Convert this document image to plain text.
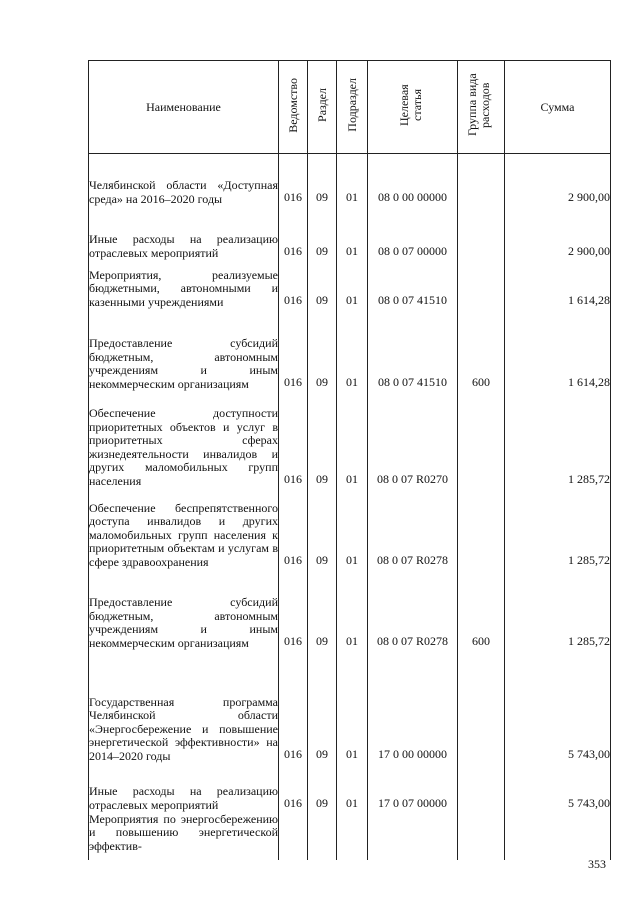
Наименование	Ведомство	Раздел	Подраздел	Целевая статья	Группа вида расходов	Сумма
Челябинской области «Доступная среда» на 2016–2020 годы	016	09	01	08 0 00 00000		2 900,00
Иные расходы на реализацию отраслевых мероприятий	016	09	01	08 0 07 00000		2 900,00
Мероприятия, реализуемые бюджетными, автономными и казенными учреждениями	016	09	01	08 0 07 41510		1 614,28
Предоставление субсидий бюджетным, автономным учреждениям и иным некоммерческим организациям	016	09	01	08 0 07 41510	600	1 614,28
Обеспечение доступности приоритетных объектов и услуг в приоритетных сферах жизнедеятельности инвалидов и других маломобильных групп населения	016	09	01	08 0 07 R0270		1 285,72
Обеспечение беспрепятственного доступа инвалидов и других маломобильных групп населения к приоритетным объектам и услугам в сфере здравоохранения	016	09	01	08 0 07 R0278		1 285,72
Предоставление субсидий бюджетным, автономным учреждениям и иным некоммерческим организациям	016	09	01	08 0 07 R0278	600	1 285,72
Государственная программа Челябинской области «Энергосбережение и повышение энергетической эффективности» на 2014–2020 годы	016	09	01	17 0 00 00000		5 743,00
Иные расходы на реализацию отраслевых мероприятий	016	09	01	17 0 07 00000		5 743,00
Мероприятия по энергосбережению и повышению энергетической эффектив-						
353
